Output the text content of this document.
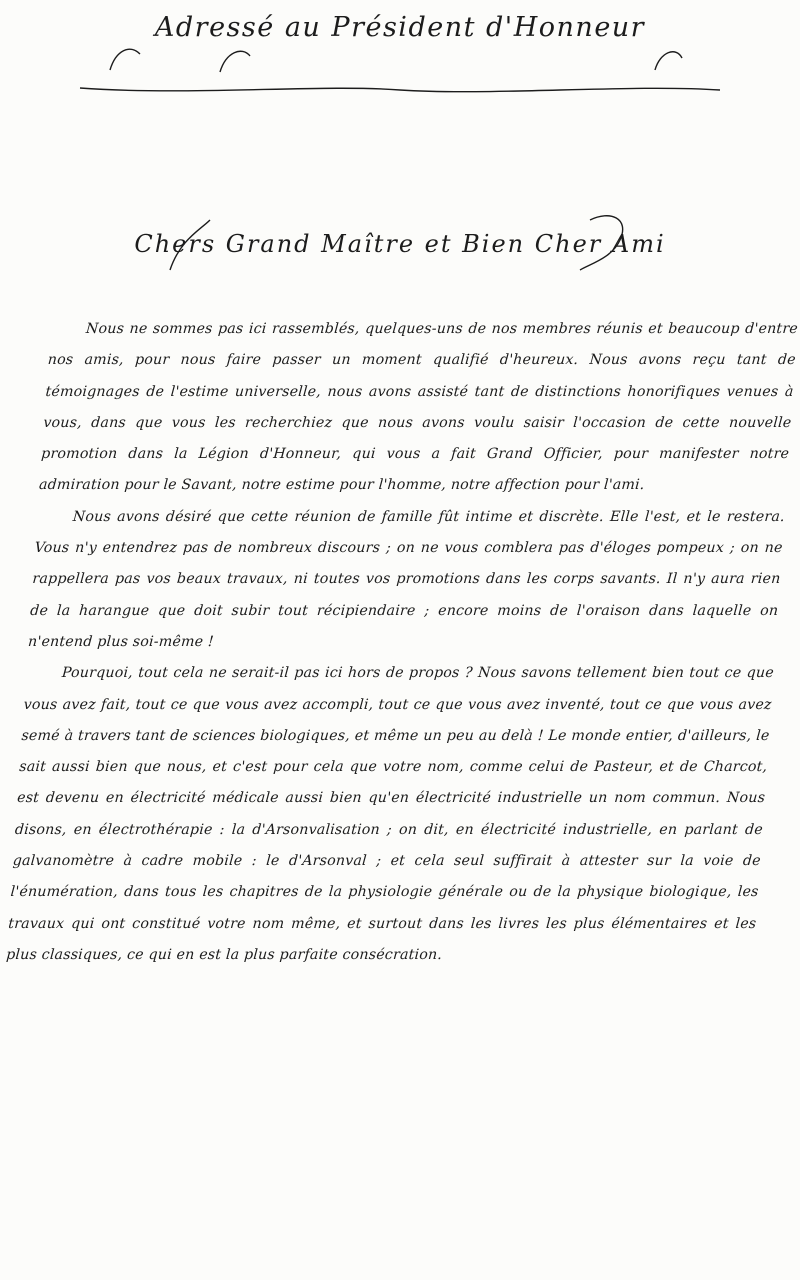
Adressé au Président d'Honneur
Chers Grand Maître et Bien Cher Ami

Nous ne sommes pas ici rassemblés, quelques-uns de nos membres réunis et beaucoup d'entre nos amis, pour nous faire passer un moment qualifié d'heureux. Nous avons reçu tant de témoignages de l'estime universelle, nous avons assisté tant de distinctions honorifiques venues à vous, dans que vous les recherchiez que nous avons voulu saisir l'occasion de cette nouvelle promotion dans la Légion d'Honneur, qui vous a fait Grand Officier, pour manifester notre admiration pour le Savant, notre estime pour l'homme, notre affection pour l'ami.

Nous avons désiré que cette réunion de famille fût intime et discrète. Elle l'est, et le restera. Vous n'y entendrez pas de nombreux discours ; on ne vous comblera pas d'éloges pompeux ; on ne rappellera pas vos beaux travaux, ni toutes vos promotions dans les corps savants. Il n'y aura rien de la harangue que doit subir tout récipiendaire ; encore moins de l'oraison dans laquelle on n'entend plus soi-même !

Pourquoi, tout cela ne serait-il pas ici hors de propos ? Nous savons tellement bien tout ce que vous avez fait, tout ce que vous avez accompli, tout ce que vous avez inventé, tout ce que vous avez semé à travers tant de sciences biologiques, et même un peu au delà ! Le monde entier, d'ailleurs, le sait aussi bien que nous, et c'est pour cela que votre nom, comme celui de Pasteur, et de Charcot, est devenu en électricité médicale aussi bien qu'en électricité industrielle un nom commun. Nous disons, en électrothérapie : la d'Arsonvalisation ; on dit, en électricité industrielle, en parlant de galvanomètre à cadre mobile : le d'Arsonval ; et cela seul suffirait à attester sur la voie de l'énumération, dans tous les chapitres de la physiologie générale ou de la physique biologique, les travaux qui ont constitué votre nom même, et surtout dans les livres les plus élémentaires et les plus classiques, ce qui en est la plus parfaite consécration.
